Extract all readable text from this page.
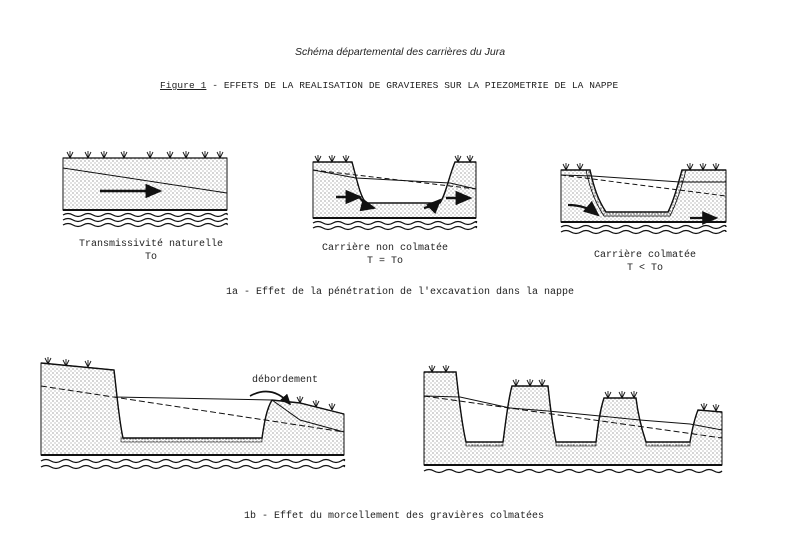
Schéma départemental des carrières du Jura
Figure 1 - EFFETS DE LA REALISATION DE GRAVIERES SUR LA PIEZOMETRIE DE LA NAPPE
Transmissivité naturelle
To
Carrière non colmatée
T = To
Carrière colmatée
T < To
1a - Effet de la pénétration de l'excavation dans la nappe
débordement
1b - Effet du morcellement des gravières colmatées
